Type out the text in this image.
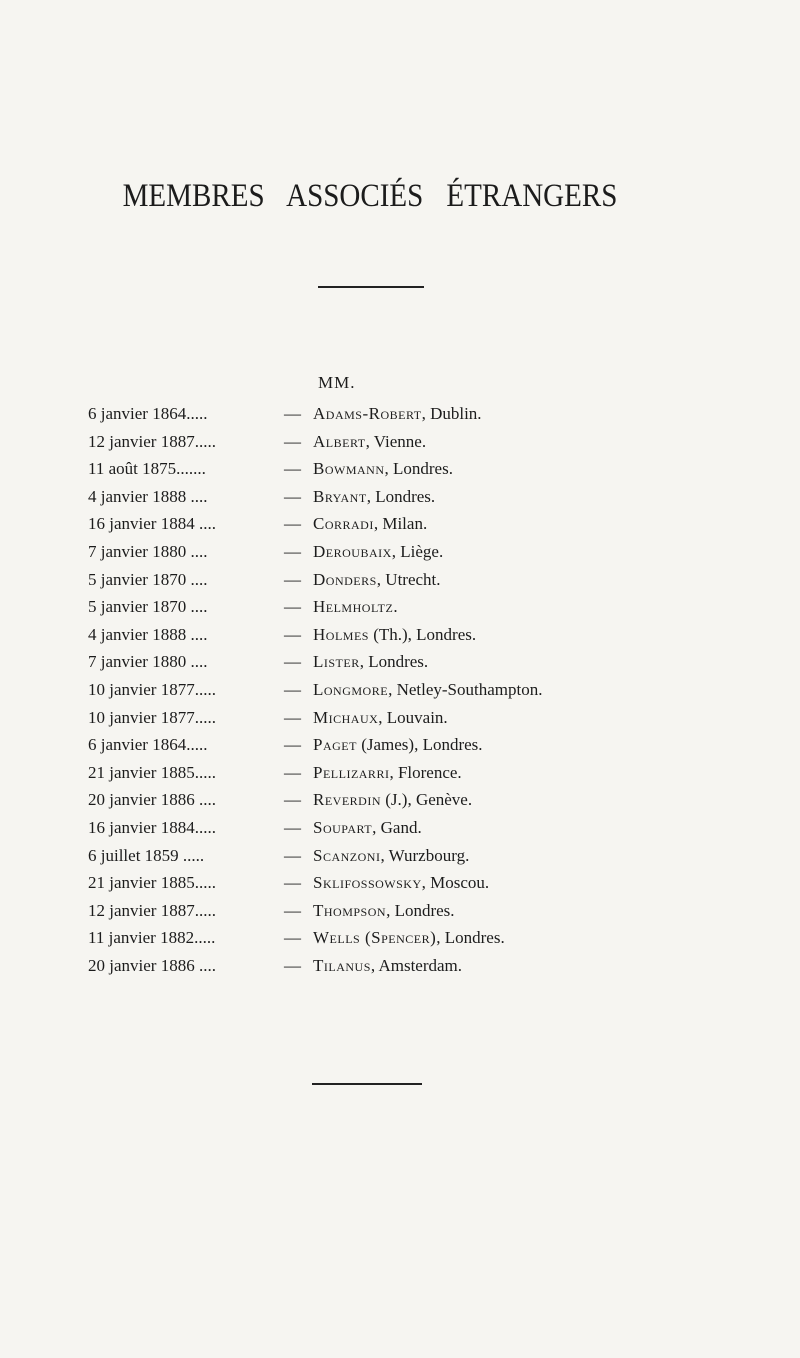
MEMBRES ASSOCIÉS ÉTRANGERS
MM.
6 janvier 1864.....	— Adams-Robert, Dublin.
12 janvier 1887.....	— Albert, Vienne.
11 août 1875.......	— Bowmann, Londres.
4 janvier 1888 ....	— Bryant, Londres.
16 janvier 1884 ....	— Corradi, Milan.
7 janvier 1880 ....	— Deroubaix, Liège.
5 janvier 1870 ....	— Donders, Utrecht.
5 janvier 1870 ....	— Helmholtz.
4 janvier 1888 ....	— Holmes (Th.), Londres.
7 janvier 1880 ....	— Lister, Londres.
10 janvier 1877.....	— Longmore, Netley-Southampton.
10 janvier 1877.....	— Michaux, Louvain.
6 janvier 1864.....	— Paget (James), Londres.
21 janvier 1885.....	— Pellizarri, Florence.
20 janvier 1886 ....	— Reverdin (J.), Genève.
16 janvier 1884.....	— Soupart, Gand.
6 juillet 1859 .....	— Scanzoni, Wurzbourg.
21 janvier 1885.....	— Sklifossowsky, Moscou.
12 janvier 1887.....	— Thompson, Londres.
11 janvier 1882.....	— Wells (Spencer), Londres.
20 janvier 1886 ....	— Tilanus, Amsterdam.
